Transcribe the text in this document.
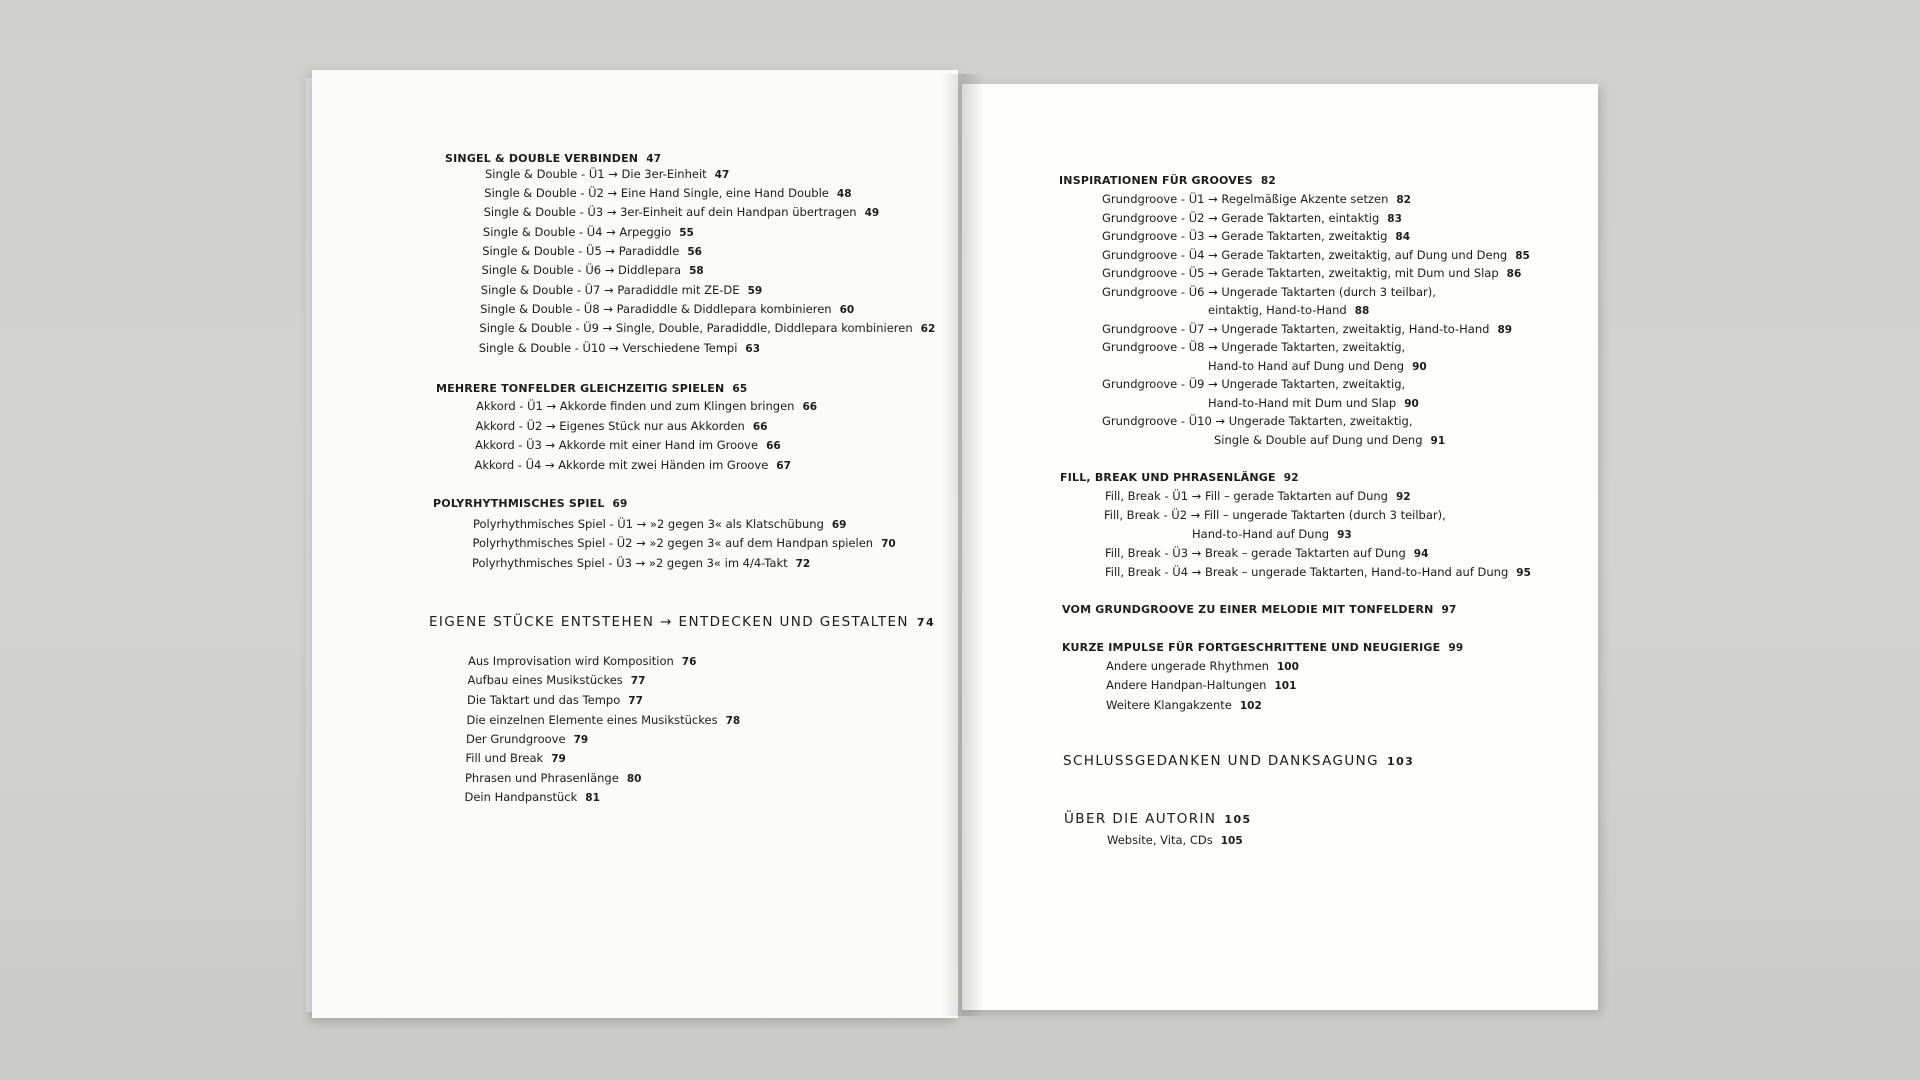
SINGEL & DOUBLE VERBINDEN 47
Single & Double - Ü1 → Die 3er-Einheit 47
Single & Double - Ü2 → Eine Hand Single, eine Hand Double 48
Single & Double - Ü3 → 3er-Einheit auf dein Handpan übertragen 49
Single & Double - Ü4 → Arpeggio 55
Single & Double - Ü5 → Paradiddle 56
Single & Double - Ü6 → Diddlepara 58
Single & Double - Ü7 → Paradiddle mit ZE-DE 59
Single & Double - Ü8 → Paradiddle & Diddlepara kombinieren 60
Single & Double - Ü9 → Single, Double, Paradiddle, Diddlepara kombinieren 62
Single & Double - Ü10 → Verschiedene Tempi 63
MEHRERE TONFELDER GLEICHZEITIG SPIELEN 65
Akkord - Ü1 → Akkorde finden und zum Klingen bringen 66
Akkord - Ü2 → Eigenes Stück nur aus Akkorden 66
Akkord - Ü3 → Akkorde mit einer Hand im Groove 66
Akkord - Ü4 → Akkorde mit zwei Händen im Groove 67
POLYRHYTHMISCHES SPIEL 69
Polyrhythmisches Spiel - Ü1 → »2 gegen 3« als Klatschübung 69
Polyrhythmisches Spiel - Ü2 → »2 gegen 3« auf dem Handpan spielen 70
Polyrhythmisches Spiel - Ü3 → »2 gegen 3« im 4/4-Takt 72
EIGENE STÜCKE ENTSTEHEN → ENTDECKEN UND GESTALTEN 74
Aus Improvisation wird Komposition 76
Aufbau eines Musikstückes 77
Die Taktart und das Tempo 77
Die einzelnen Elemente eines Musikstückes 78
Der Grundgroove 79
Fill und Break 79
Phrasen und Phrasenlänge 80
Dein Handpanstück 81
INSPIRATIONEN FÜR GROOVES 82
Grundgroove - Ü1 → Regelmäßige Akzente setzen 82
Grundgroove - Ü2 → Gerade Taktarten, eintaktig 83
Grundgroove - Ü3 → Gerade Taktarten, zweitaktig 84
Grundgroove - Ü4 → Gerade Taktarten, zweitaktig, auf Dung und Deng 85
Grundgroove - Ü5 → Gerade Taktarten, zweitaktig, mit Dum und Slap 86
Grundgroove - Ü6 → Ungerade Taktarten (durch 3 teilbar),
eintaktig, Hand-to-Hand 88
Grundgroove - Ü7 → Ungerade Taktarten, zweitaktig, Hand-to-Hand 89
Grundgroove - Ü8 → Ungerade Taktarten, zweitaktig,
Hand-to Hand auf Dung und Deng 90
Grundgroove - Ü9 → Ungerade Taktarten, zweitaktig,
Hand-to-Hand mit Dum und Slap 90
Grundgroove - Ü10 → Ungerade Taktarten, zweitaktig,
Single & Double auf Dung und Deng 91
FILL, BREAK UND PHRASENLÄNGE 92
Fill, Break - Ü1 → Fill – gerade Taktarten auf Dung 92
Fill, Break - Ü2 → Fill – ungerade Taktarten (durch 3 teilbar),
Hand-to-Hand auf Dung 93
Fill, Break - Ü3 → Break – gerade Taktarten auf Dung 94
Fill, Break - Ü4 → Break – ungerade Taktarten, Hand-to-Hand auf Dung 95
VOM GRUNDGROOVE ZU EINER MELODIE MIT TONFELDERN 97
KURZE IMPULSE FÜR FORTGESCHRITTENE UND NEUGIERIGE 99
Andere ungerade Rhythmen 100
Andere Handpan-Haltungen 101
Weitere Klangakzente 102
SCHLUSSGEDANKEN UND DANKSAGUNG 103
ÜBER DIE AUTORIN 105
Website, Vita, CDs 105
